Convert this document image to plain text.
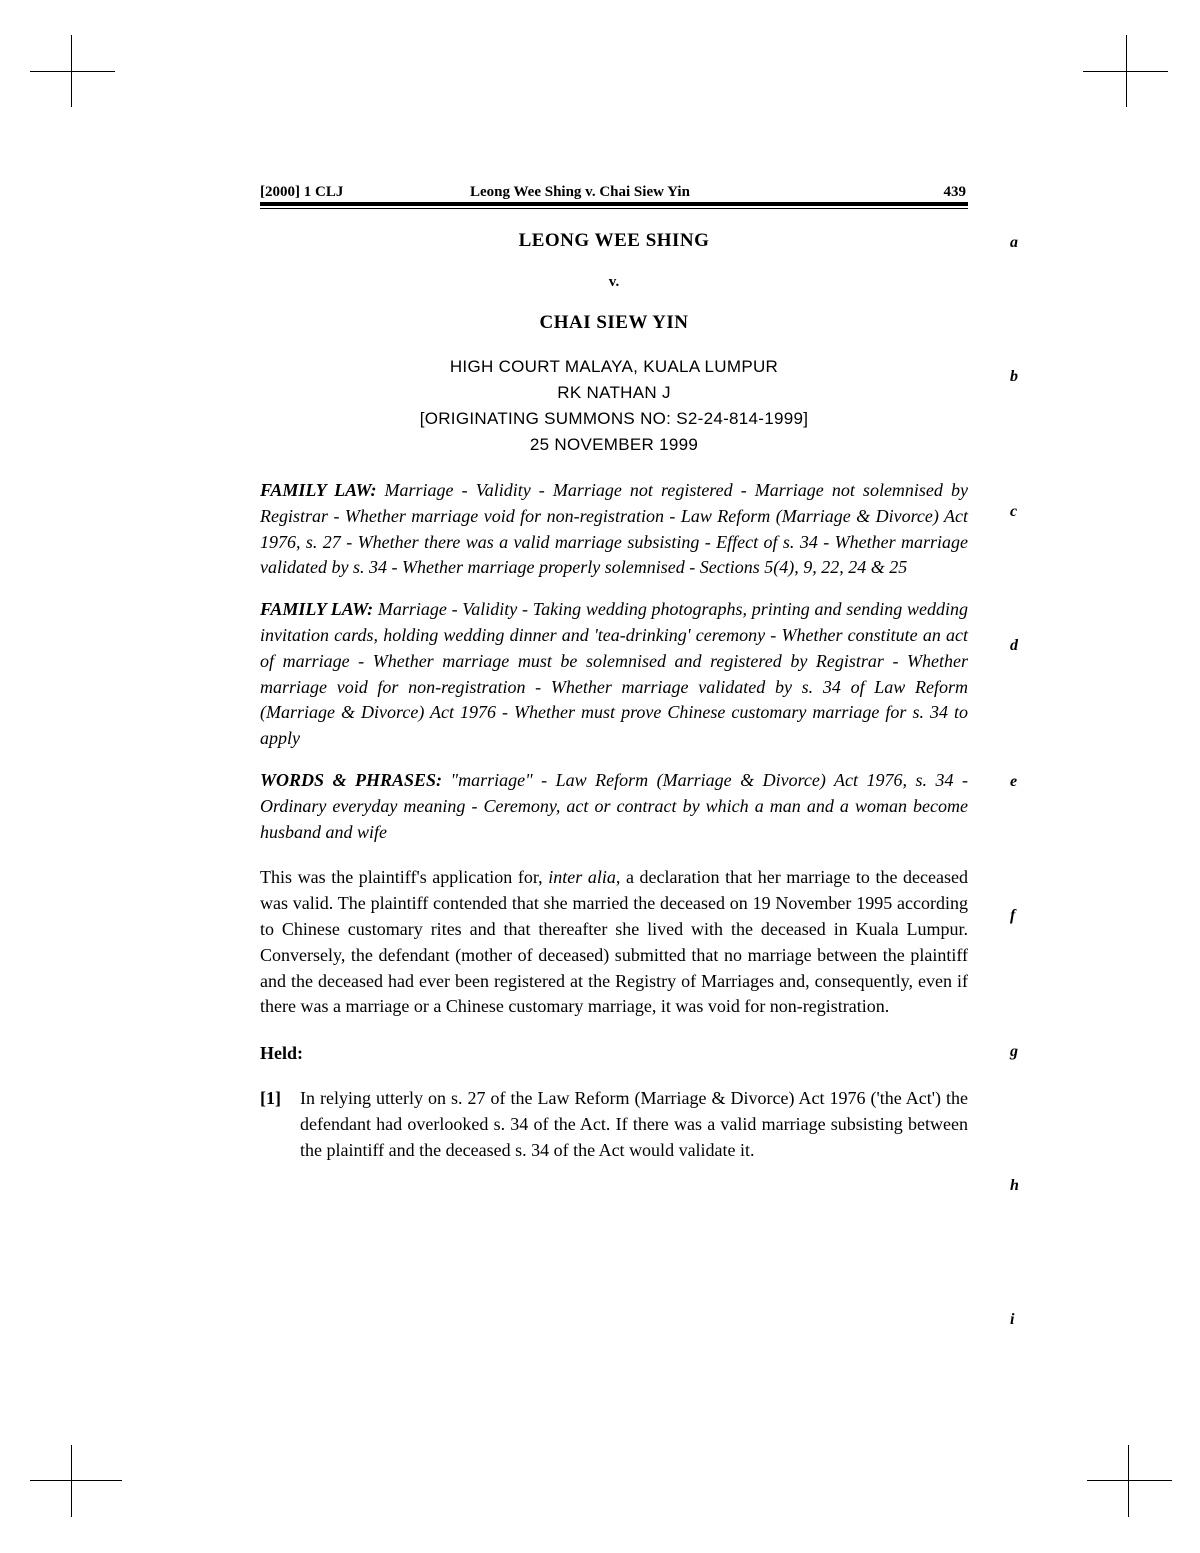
[2000] 1 CLJ	Leong Wee Shing v. Chai Siew Yin	439
a
b
c
d
e
f
g
h
i
LEONG WEE SHING
v.
CHAI SIEW YIN
HIGH COURT MALAYA, KUALA LUMPUR
RK NATHAN J
[ORIGINATING SUMMONS NO: S2-24-814-1999]
25 NOVEMBER 1999

FAMILY LAW: Marriage - Validity - Marriage not registered - Marriage not solemnised by Registrar - Whether marriage void for non-registration - Law Reform (Marriage & Divorce) Act 1976, s. 27 - Whether there was a valid marriage subsisting - Effect of s. 34 - Whether marriage validated by s. 34 - Whether marriage properly solemnised - Sections 5(4), 9, 22, 24 & 25

FAMILY LAW: Marriage - Validity - Taking wedding photographs, printing and sending wedding invitation cards, holding wedding dinner and 'tea-drinking' ceremony - Whether constitute an act of marriage - Whether marriage must be solemnised and registered by Registrar - Whether marriage void for non-registration - Whether marriage validated by s. 34 of Law Reform (Marriage & Divorce) Act 1976 - Whether must prove Chinese customary marriage for s. 34 to apply

WORDS & PHRASES: "marriage" - Law Reform (Marriage & Divorce) Act 1976, s. 34 - Ordinary everyday meaning - Ceremony, act or contract by which a man and a woman become husband and wife

This was the plaintiff's application for, inter alia, a declaration that her marriage to the deceased was valid. The plaintiff contended that she married the deceased on 19 November 1995 according to Chinese customary rites and that thereafter she lived with the deceased in Kuala Lumpur. Conversely, the defendant (mother of deceased) submitted that no marriage between the plaintiff and the deceased had ever been registered at the Registry of Marriages and, consequently, even if there was a marriage or a Chinese customary marriage, it was void for non-registration.

Held:
[1] In relying utterly on s. 27 of the Law Reform (Marriage & Divorce) Act 1976 ('the Act') the defendant had overlooked s. 34 of the Act. If there was a valid marriage subsisting between the plaintiff and the deceased s. 34 of the Act would validate it.
